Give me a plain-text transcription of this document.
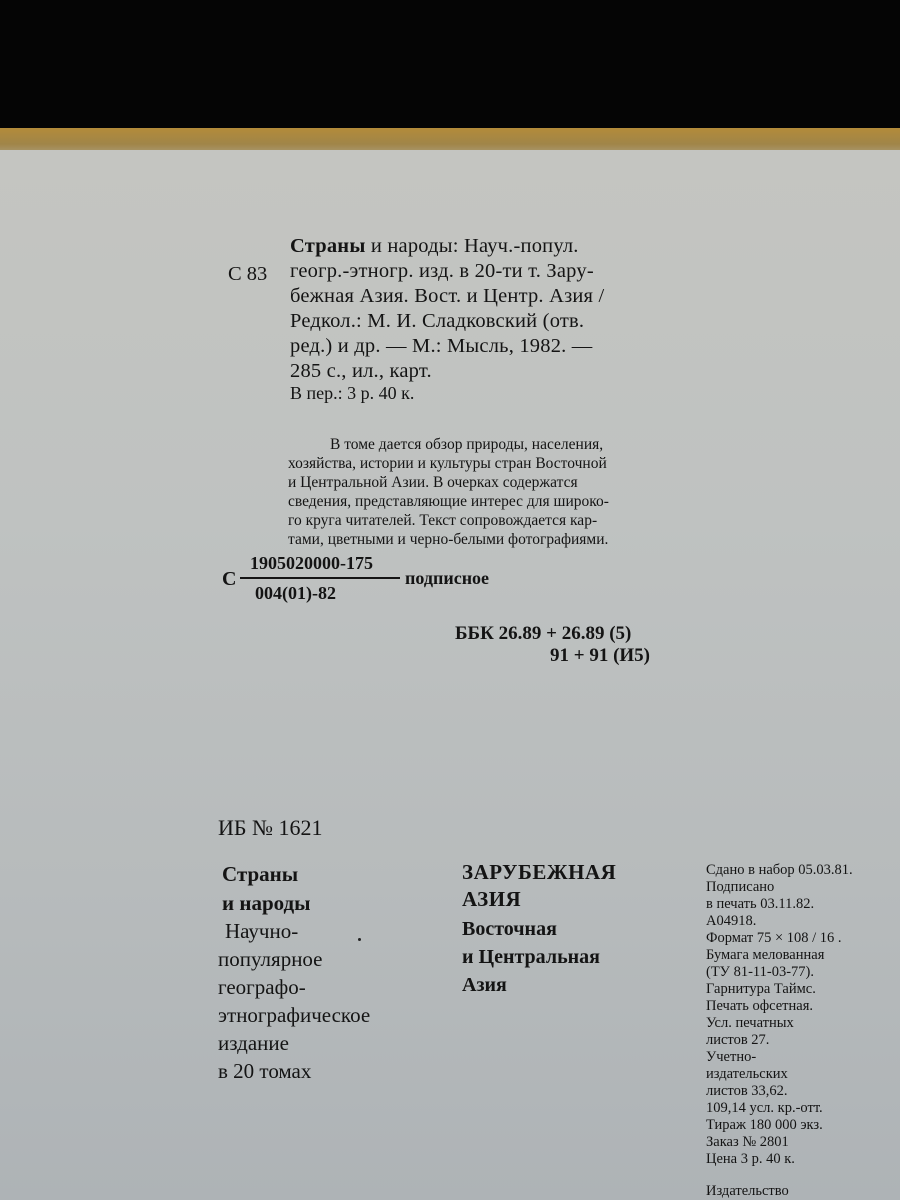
Страны и народы: Науч.-попул.
С 83 геогр.-этногр. изд. в 20-ти т. Зару-
бежная Азия. Вост. и Центр. Азия /
Редкол.: М. И. Сладковский (отв.
ред.) и др. — М.: Мысль, 1982. —
285 с., ил., карт.
В пер.: 3 р. 40 к.
В томе дается обзор природы, населения,
хозяйства, истории и культуры стран Восточной
и Центральной Азии. В очерках содержатся
сведения, представляющие интерес для широко-
го круга читателей. Текст сопровождается кар-
тами, цветными и черно-белыми фотографиями.
С
1905020000-175
004(01)-82
подписное
ББК 26.89 + 26.89 (5)
91 + 91 (И5)
ИБ № 1621
Страны
и народы
Научно-
популярное
географо-
этнографическое
издание
в 20 томах
ЗАРУБЕЖНАЯ
АЗИЯ
Восточная
и Центральная
Азия
Сдано в набор 05.03.81.
Подписано
в печать 03.11.82.
А04918.
Формат 75 × 108 / 16 .
Бумага мелованная
(ТУ 81-11-03-77).
Гарнитура Таймс.
Печать офсетная.
Усл. печатных
листов 27.
Учетно-
издательских
листов 33,62.
109,14 усл. кр.-отт.
Тираж 180 000 экз.
Заказ № 2801
Цена 3 р. 40 к.
Издательство
